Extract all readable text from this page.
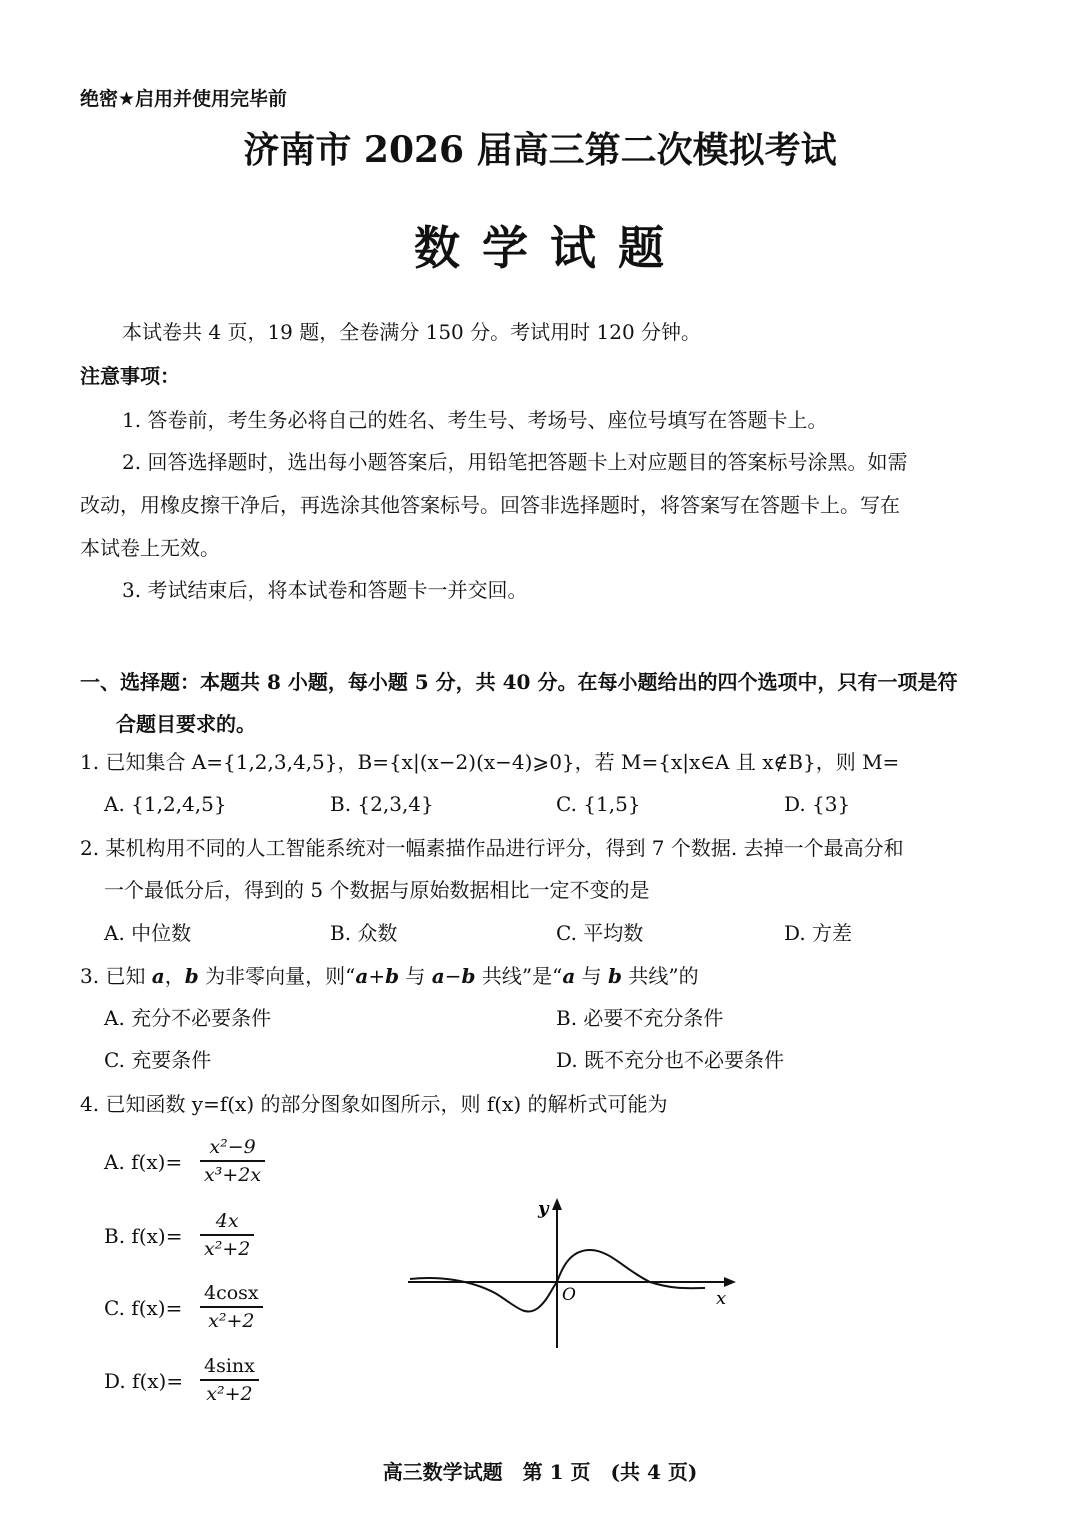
绝密★启用并使用完毕前
济南市 2026 届高三第二次模拟考试
数学试题
本试卷共 4 页，19 题，全卷满分 150 分。考试用时 120 分钟。
注意事项：
1. 答卷前，考生务必将自己的姓名、考生号、考场号、座位号填写在答题卡上。
2. 回答选择题时，选出每小题答案后，用铅笔把答题卡上对应题目的答案标号涂黑。如需
改动，用橡皮擦干净后，再选涂其他答案标号。回答非选择题时，将答案写在答题卡上。写在
本试卷上无效。
3. 考试结束后，将本试卷和答题卡一并交回。
一、选择题：本题共 8 小题，每小题 5 分，共 40 分。在每小题给出的四个选项中，只有一项是符
合题目要求的。
1. 已知集合 A={1,2,3,4,5}，B={x|(x−2)(x−4)⩾0}，若 M={x|x∈A 且 x∉B}，则 M=
A. {1,2,4,5}	B. {2,3,4}	C. {1,5}	D. {3}
2. 某机构用不同的人工智能系统对一幅素描作品进行评分，得到 7 个数据. 去掉一个最高分和
一个最低分后，得到的 5 个数据与原始数据相比一定不变的是
A. 中位数	B. 众数	C. 平均数	D. 方差
3. 已知 a，b 为非零向量，则“a+b 与 a−b 共线”是“a 与 b 共线”的
A. 充分不必要条件	B. 必要不充分条件
C. 充要条件	D. 既不充分也不必要条件
4. 已知函数 y=f(x) 的部分图象如图所示，则 f(x) 的解析式可能为
A. f(x)=
x²−9
x³+2x
B. f(x)=
4x
x²+2
C. f(x)=
4cosx
x²+2
D. f(x)=
4sinx
x²+2
y
x
O
高三数学试题　第 1 页　(共 4 页)
